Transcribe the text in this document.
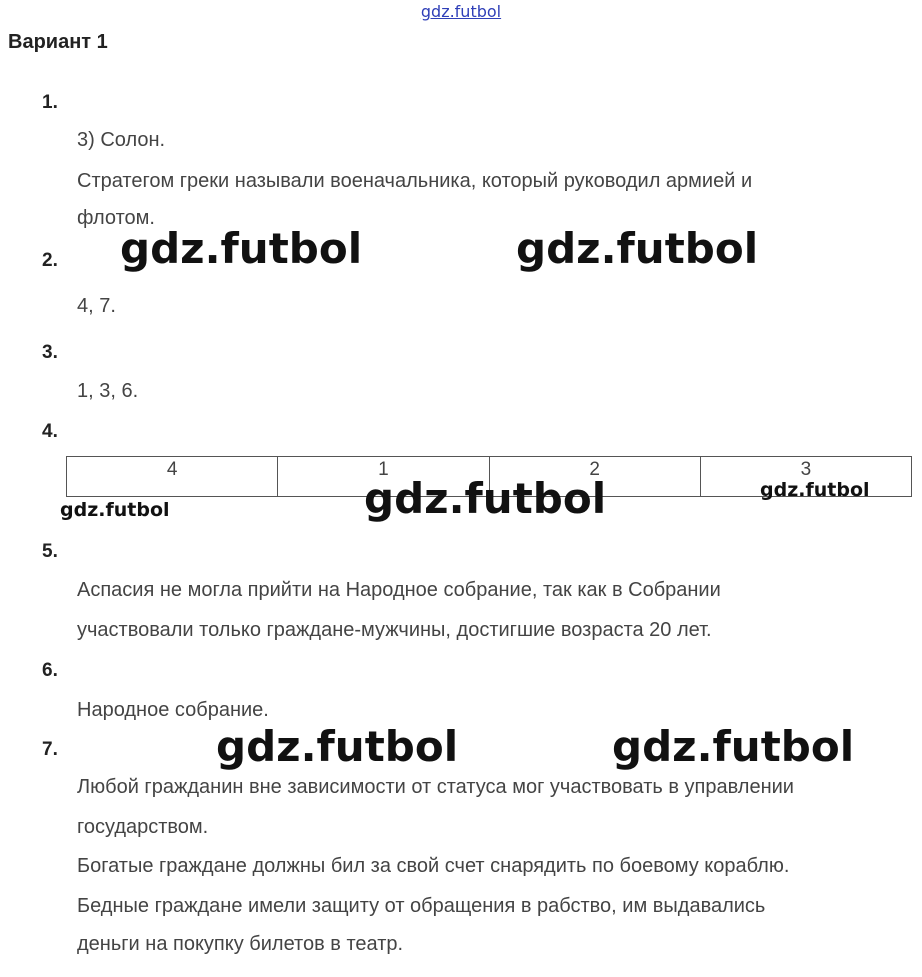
gdz.futbol
Вариант 1
1.
3) Солон.
Стратегом греки называли военачальника, который руководил армией и
флотом.
2.
4, 7.
3.
1, 3, 6.
4.
4	1	2	3
5.
Аспасия не могла прийти на Народное собрание, так как в Собрании
участвовали только граждане-мужчины, достигшие возраста 20 лет.
6.
Народное собрание.
7.
Любой гражданин вне зависимости от статуса мог участвовать в управлении
государством.
Богатые граждане должны бил за свой счет снарядить по боевому кораблю.
Бедные граждане имели защиту от обращения в рабство, им выдавались
деньги на покупку билетов в театр.
gdz.futbol	gdz.futbol
gdz.futbol	gdz.futbol
gdz.futbol
gdz.futbol	gdz.futbol
